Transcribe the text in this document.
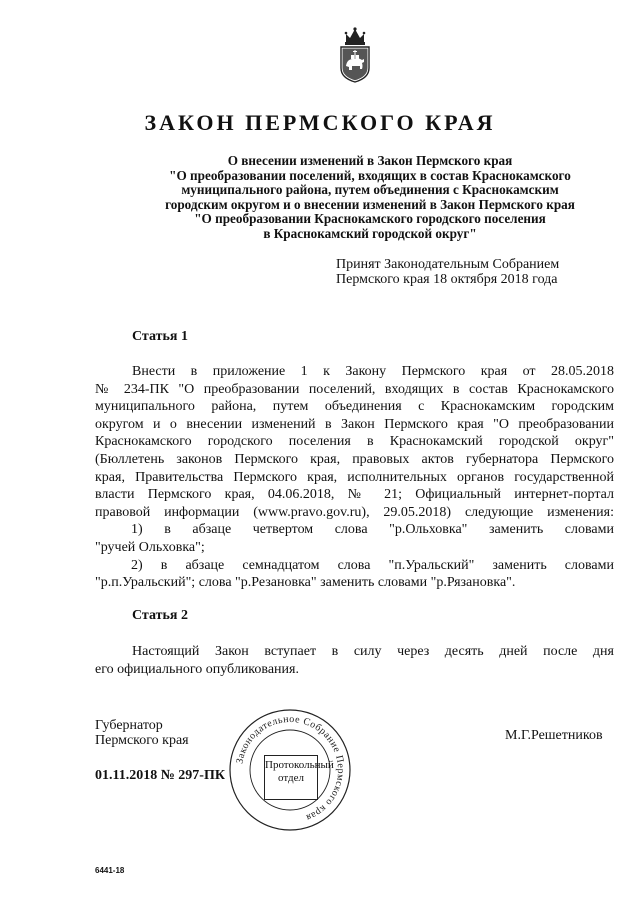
ЗАКОН ПЕРМСКОГО КРАЯ
О внесении изменений в Закон Пермского края
"О преобразовании поселений, входящих в состав Краснокамского
муниципального района, путем объединения с Краснокамским
городским округом и о внесении изменений в Закон Пермского края
"О преобразовании Краснокамского городского поселения
в Краснокамский городской округ"
Принят Законодательным Собранием
Пермского края 18 октября 2018 года
Статья 1
Внести в приложение 1 к Закону Пермского края от 28.05.2018
№ 234-ПК "О преобразовании поселений, входящих в состав Краснокамского
муниципального района, путем объединения с Краснокамским городским
округом и о внесении изменений в Закон Пермского края "О преобразовании
Краснокамского городского поселения в Краснокамский городской округ"
(Бюллетень законов Пермского края, правовых актов губернатора Пермского
края, Правительства Пермского края, исполнительных органов государственной
власти Пермского края, 04.06.2018, № 21; Официальный интернет-портал
правовой информации (www.pravo.gov.ru), 29.05.2018) следующие изменения:
1) в абзаце четвертом слова "р.Ольховка" заменить словами
"ручей Ольховка";
2) в абзаце семнадцатом слова "п.Уральский" заменить словами
"р.п.Уральский"; слова "р.Резановка" заменить словами "р.Рязановка".
Статья 2
Настоящий Закон вступает в силу через десять дней после дня
его официального опубликования.
Губернатор
Пермского края	М.Г.Решетников
01.11.2018 № 297-ПК
Законодательное Собрание Пермского края
Протокольный
отдел
6441-18
